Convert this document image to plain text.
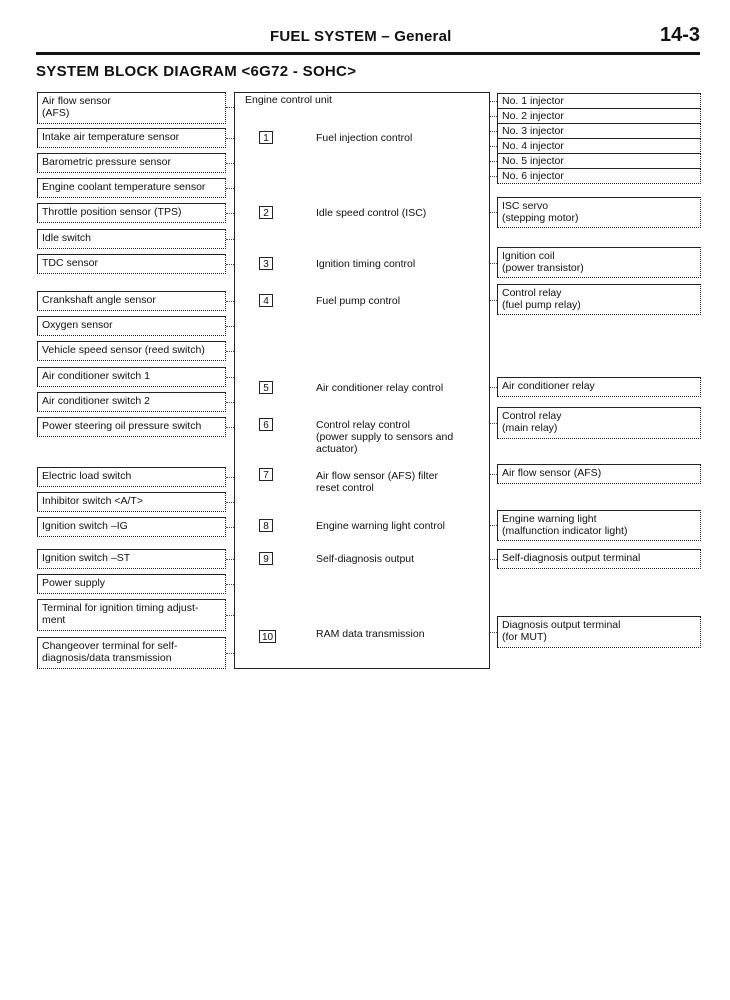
FUEL SYSTEM – General	14-3
SYSTEM BLOCK DIAGRAM <6G72 - SOHC>
Air flow sensor
(AFS)
Intake air temperature sensor
Barometric pressure sensor
Engine coolant temperature sensor
Throttle position sensor (TPS)
Idle switch
TDC sensor
Crankshaft angle sensor
Oxygen sensor
Vehicle speed sensor (reed switch)
Air conditioner switch 1
Air conditioner switch 2
Power steering oil pressure switch
Electric load switch
Inhibitor switch <A/T>
Ignition switch –IG
Ignition switch –ST
Power supply
Terminal for ignition timing adjust-
ment
Changeover terminal for self-
diagnosis/data transmission
Engine control unit
1	Fuel injection control
2	Idle speed control (ISC)
3	Ignition timing control
4	Fuel pump control
5	Air conditioner relay control
6	Control relay control
(power supply to sensors and
actuator)
7	Air flow sensor (AFS) filter
reset control
8	Engine warning light control
9	Self-diagnosis output
10	RAM data transmission
No. 1 injector
No. 2 injector
No. 3 injector
No. 4 injector
No. 5 injector
No. 6 injector
ISC servo
(stepping motor)
Ignition coil
(power transistor)
Control relay
(fuel pump relay)
Air conditioner relay
Control relay
(main relay)
Air flow sensor (AFS)
Engine warning light
(malfunction indicator light)
Self-diagnosis output terminal
Diagnosis output terminal
(for MUT)
